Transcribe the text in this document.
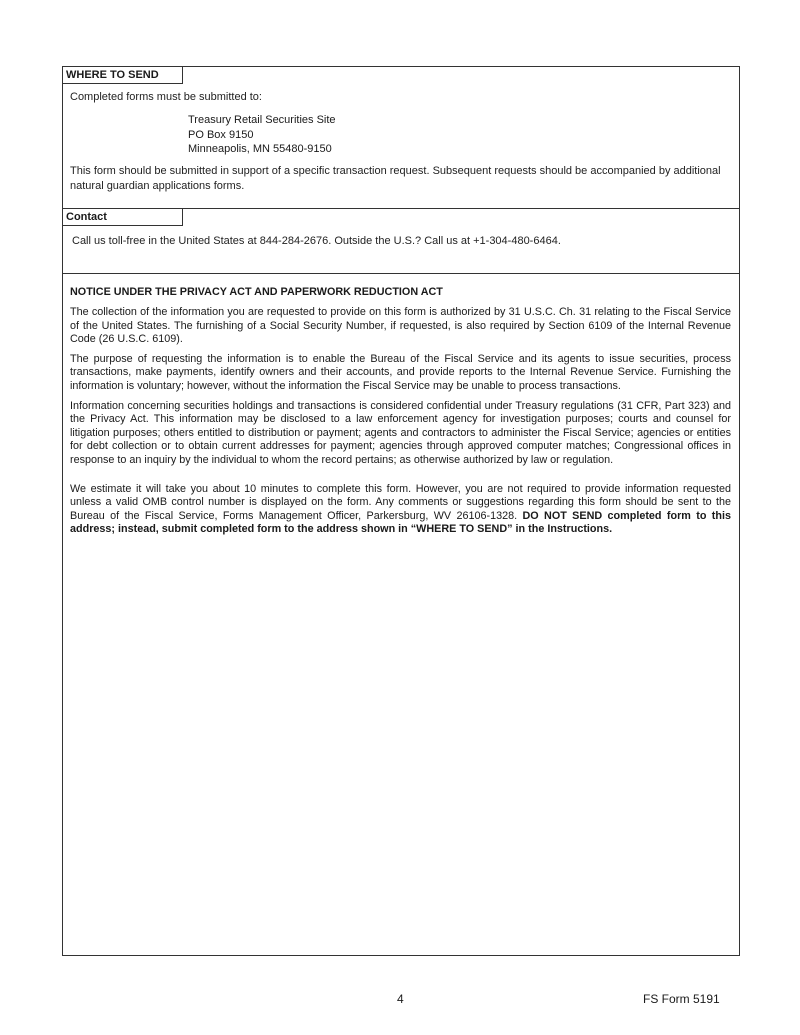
WHERE TO SEND
Completed forms must be submitted to:
Treasury Retail Securities Site
PO Box 9150
Minneapolis, MN 55480-9150
This form should be submitted in support of a specific transaction request. Subsequent requests should be accompanied by additional natural guardian applications forms.
Contact
Call us toll-free in the United States at 844-284-2676. Outside the U.S.? Call us at +1-304-480-6464.
NOTICE UNDER THE PRIVACY ACT AND PAPERWORK REDUCTION ACT

The collection of the information you are requested to provide on this form is authorized by 31 U.S.C. Ch. 31 relating to the Fiscal Service of the United States. The furnishing of a Social Security Number, if requested, is also required by Section 6109 of the Internal Revenue Code (26 U.S.C. 6109).

The purpose of requesting the information is to enable the Bureau of the Fiscal Service and its agents to issue securities, process transactions, make payments, identify owners and their accounts, and provide reports to the Internal Revenue Service. Furnishing the information is voluntary; however, without the information the Fiscal Service may be unable to process transactions.

Information concerning securities holdings and transactions is considered confidential under Treasury regulations (31 CFR, Part 323) and the Privacy Act. This information may be disclosed to a law enforcement agency for investigation purposes; courts and counsel for litigation purposes; others entitled to distribution or payment; agents and contractors to administer the Fiscal Service; agencies or entities for debt collection or to obtain current addresses for payment; agencies through approved computer matches; Congressional offices in response to an inquiry by the individual to whom the record pertains; as otherwise authorized by law or regulation.

We estimate it will take you about 10 minutes to complete this form. However, you are not required to provide information requested unless a valid OMB control number is displayed on the form. Any comments or suggestions regarding this form should be sent to the Bureau of the Fiscal Service, Forms Management Officer, Parkersburg, WV 26106-1328. DO NOT SEND completed form to this address; instead, submit completed form to the address shown in “WHERE TO SEND” in the Instructions.

4	FS Form 5191
